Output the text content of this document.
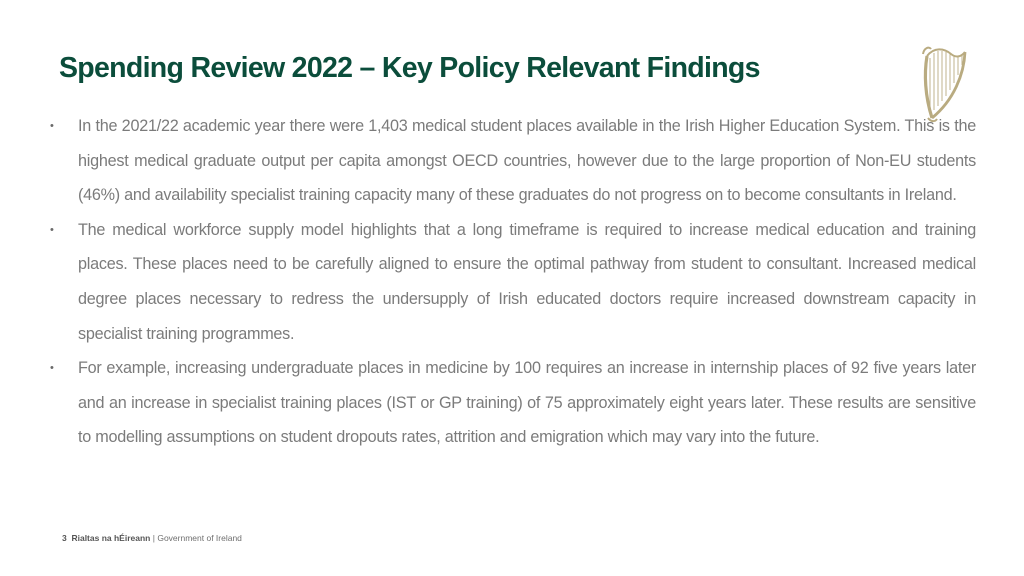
Spending Review 2022 – Key Policy Relevant Findings
• In the 2021/22 academic year there were 1,403 medical student places available in the Irish Higher Education System. This is the highest medical graduate output per capita amongst OECD countries, however due to the large proportion of Non-EU students (46%) and availability specialist training capacity many of these graduates do not progress on to become consultants in Ireland.
• The medical workforce supply model highlights that a long timeframe is required to increase medical education and training places. These places need to be carefully aligned to ensure the optimal pathway from student to consultant. Increased medical degree places necessary to redress the undersupply of Irish educated doctors require increased downstream capacity in specialist training programmes.
• For example, increasing undergraduate places in medicine by 100 requires an increase in internship places of 92 five years later and an increase in specialist training places (IST or GP training) of 75 approximately eight years later. These results are sensitive to modelling assumptions on student dropouts rates, attrition and emigration which may vary into the future.
3 Rialtas na hÉireann | Government of Ireland
